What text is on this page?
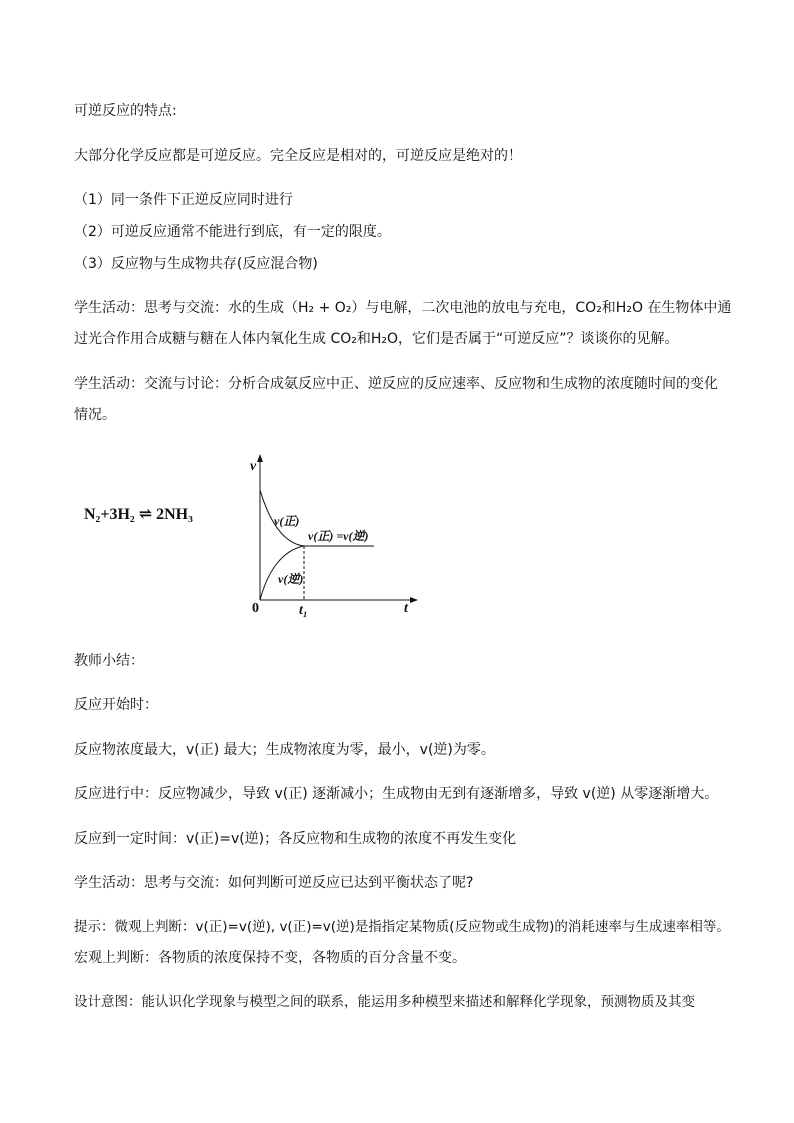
可逆反应的特点:
大部分化学反应都是可逆反应。完全反应是相对的，可逆反应是绝对的！
（1）同一条件下正逆反应同时进行
（2）可逆反应通常不能进行到底，有一定的限度。
（3）反应物与生成物共存(反应混合物)
学生活动：思考与交流：水的生成（H₂ + O₂）与电解，二次电池的放电与充电，CO₂和H₂O 在生物体中通
过光合作用合成糖与糖在人体内氧化生成 CO₂和H₂O，它们是否属于“可逆反应”？谈谈你的见解。
学生活动：交流与讨论：分析合成氨反应中正、逆反应的反应速率、反应物和生成物的浓度随时间的变化
情况。
N₂+3H₂ ⇌ 2NH₃
v
t
0	t₁
v(正)
v(逆)
v(正) =v(逆)
教师小结：
反应开始时：
反应物浓度最大，v(正) 最大；生成物浓度为零，最小，v(逆)为零。
反应进行中：反应物减少，导致 v(正) 逐渐减小；生成物由无到有逐渐增多，导致 v(逆) 从零逐渐增大。
反应到一定时间：v(正)=v(逆)；各反应物和生成物的浓度不再发生变化
学生活动：思考与交流：如何判断可逆反应已达到平衡状态了呢?
提示：微观上判断：v(正)=v(逆), v(正)=v(逆)是指指定某物质(反应物或生成物)的消耗速率与生成速率相等。
宏观上判断：各物质的浓度保持不变，各物质的百分含量不变。
设计意图：能认识化学现象与模型之间的联系，能运用多种模型来描述和解释化学现象，预测物质及其变
